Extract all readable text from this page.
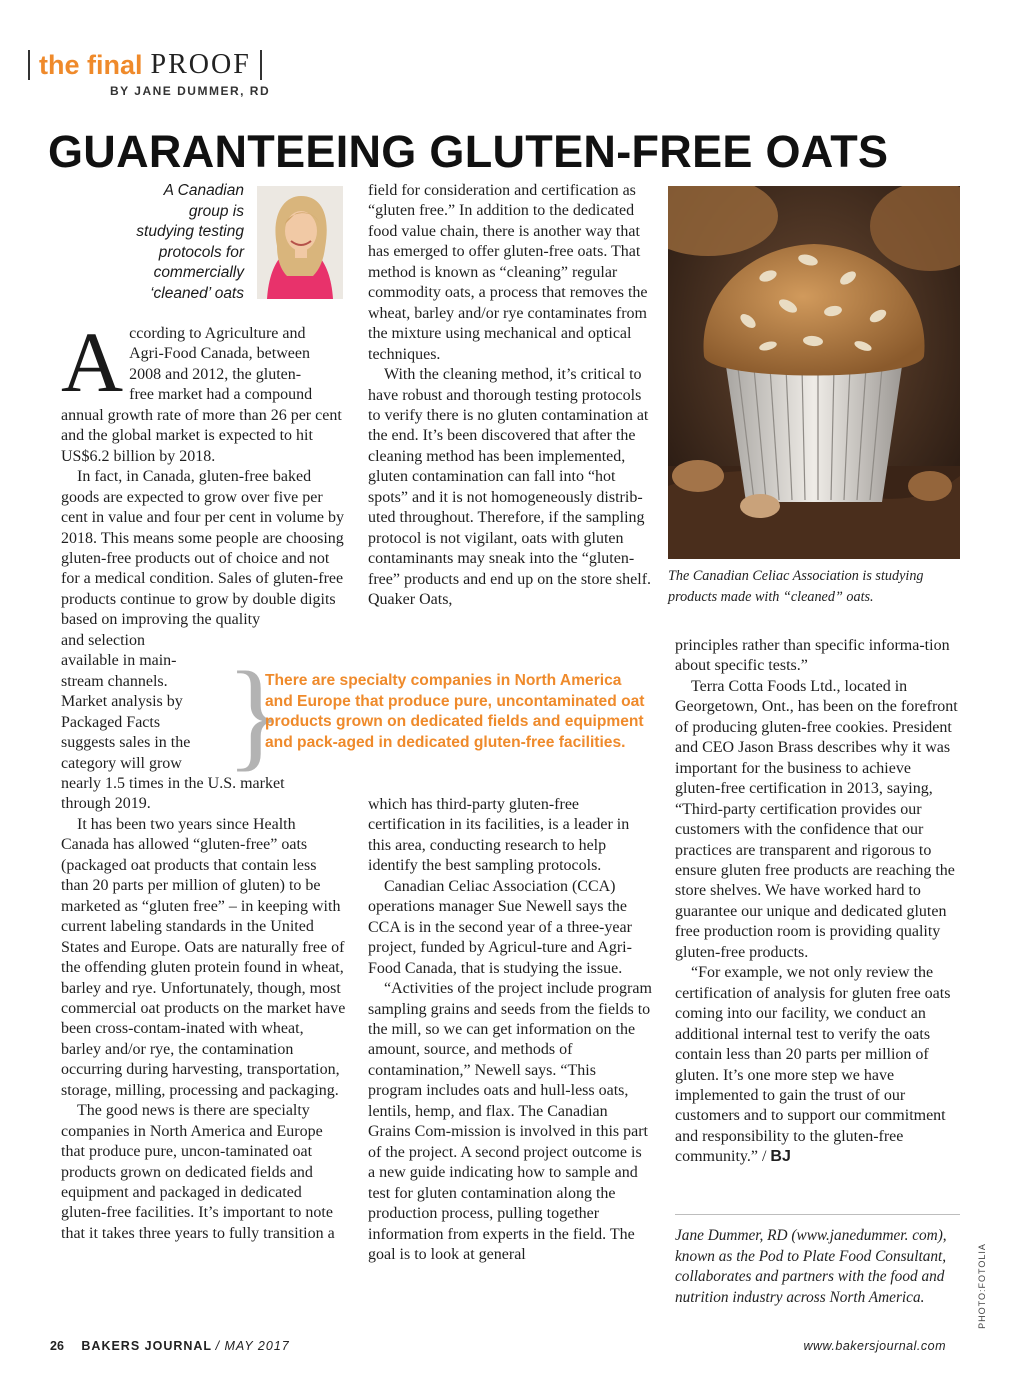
the final PROOF
BY JANE DUMMER, RD
GUARANTEEING GLUTEN-FREE OATS
A Canadian
group is
studying testing
protocols for
commercially
‘cleaned’ oats
A ccording to Agriculture and
Agri-Food Canada, between
2008 and 2012, the gluten-
free market had a compound

annual growth rate of more than 26 per cent and the global market is expected to hit US$6.2 billion by 2018.

In fact, in Canada, gluten-free baked goods are expected to grow over five per cent in value and four per cent in volume by 2018. This means some people are choosing gluten-free products out of choice and not for a medical condition. Sales of gluten-free products continue to grow by double digits based on improving the quality

and selection

available in main-

stream channels.

Market analysis by

Packaged Facts

suggests sales in the

category will grow

nearly 1.5 times in the U.S. market

through 2019.

It has been two years since Health Canada has allowed “gluten-free” oats (packaged oat products that contain less than 20 parts per million of gluten) to be marketed as “gluten free” – in keeping with current labeling standards in the United States and Europe. Oats are naturally free of the offending gluten protein found in wheat, barley and rye. Unfortunately, though, most commercial oat products on the market have been cross-contam-inated with wheat, barley and/or rye, the contamination occurring during harvesting, transportation, storage, milling, processing and packaging.

The good news is there are specialty companies in North America and Europe that produce pure, uncon-taminated oat products grown on dedicated fields and equipment and packaged in dedicated gluten-free facilities. It’s important to note that it takes three years to fully transition a

field for consideration and certification as “gluten free.” In addition to the dedicated food value chain, there is another way that has emerged to offer gluten-free oats. That method is known as “cleaning” regular commodity oats, a process that removes the wheat, barley and/or rye contaminates from the mixture using mechanical and optical techniques.

With the cleaning method, it’s critical to have robust and thorough testing protocols to verify there is no gluten contamination at the end. It’s been discovered that after the cleaning method has been implemented, gluten contamination can fall into “hot spots” and it is not homogeneously distrib-uted throughout. Therefore, if the sampling protocol is not vigilant, oats with gluten contaminants may sneak into the “gluten-free” products and end up on the store shelf. Quaker Oats,

}

There are specialty companies in North America and Europe that produce pure, uncontaminated oat products grown on dedicated fields and equipment and pack-aged in dedicated gluten-free facilities.

which has third-party gluten-free certification in its facilities, is a leader in this area, conducting research to help identify the best sampling protocols.

Canadian Celiac Association (CCA) operations manager Sue Newell says the CCA is in the second year of a three-year project, funded by Agricul-ture and Agri-Food Canada, that is studying the issue.

“Activities of the project include program sampling grains and seeds from the fields to the mill, so we can get information on the amount, source, and methods of contamination,” Newell says. “This program includes oats and hull-less oats, lentils, hemp, and flax. The Canadian Grains Com-mission is involved in this part of the project. A second project outcome is a new guide indicating how to sample and test for gluten contamination along the production process, pulling together information from experts in the field. The goal is to look at general

The Canadian Celiac Association is studying products made with “cleaned” oats.

principles rather than specific informa-tion about specific tests.”

Terra Cotta Foods Ltd., located in Georgetown, Ont., has been on the forefront of producing gluten-free cookies. President and CEO Jason Brass describes why it was important for the business to achieve gluten-free certification in 2013, saying, “Third-party certification provides our customers with the confidence that our practices are transparent and rigorous to ensure gluten free products are reaching the store shelves. We have worked hard to guarantee our unique and dedicated gluten free production room is providing quality gluten-free products.

“For example, we not only review the certification of analysis for gluten free oats coming into our facility, we conduct an additional internal test to verify the oats contain less than 20 parts per million of gluten. It’s one more step we have implemented to gain the trust of our customers and to support our commitment and responsibility to the gluten-free community.” / BJ

Jane Dummer, RD (www.janedummer. com), known as the Pod to Plate Food Consultant, collaborates and partners with the food and nutrition industry across North America.	PHOTO:FOTOLIA
26 BAKERS JOURNAL / MAY 2017	www.bakersjournal.com
